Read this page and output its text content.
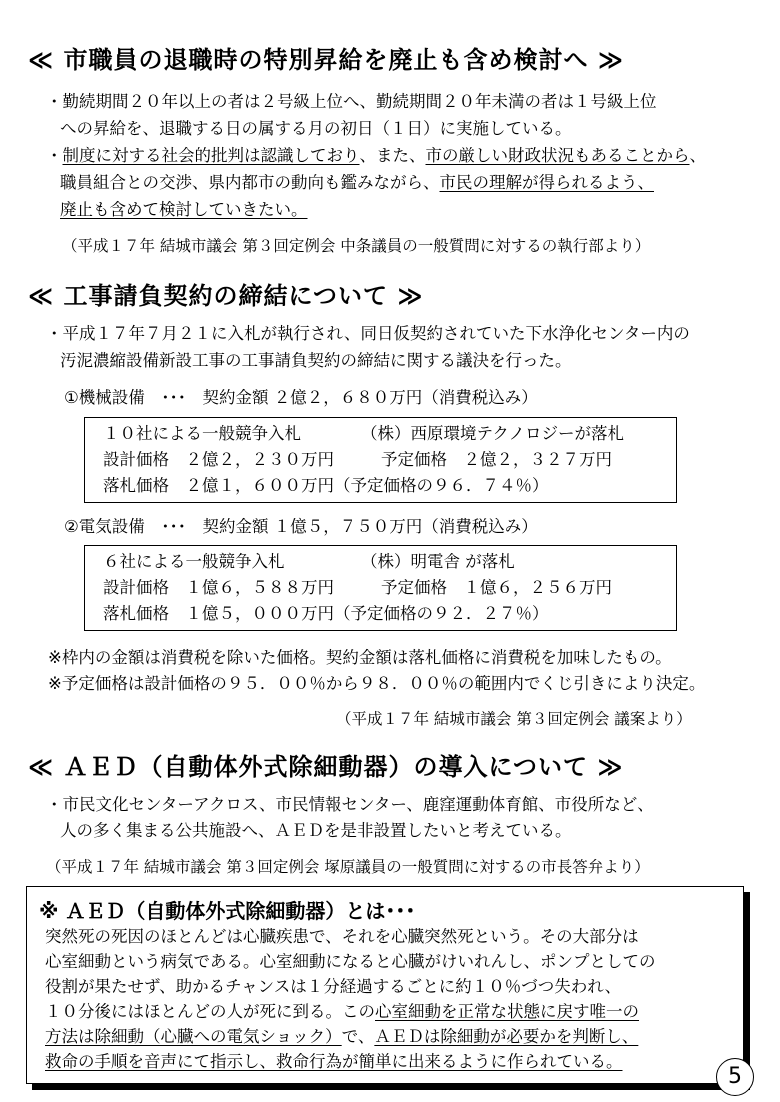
≪ 市職員の退職時の特別昇給を廃止も含め検討へ ≫
・勤続期間２０年以上の者は２号級上位へ、勤続期間２０年未満の者は１号級上位
への昇給を、退職する日の属する月の初日（１日）に実施している。
・制度に対する社会的批判は認識しており、また、市の厳しい財政状況もあることから、
職員組合との交渉、県内都市の動向も鑑みながら、市民の理解が得られるよう、
廃止も含めて検討していきたい。
（平成１７年 結城市議会 第３回定例会 中条議員の一般質問に対するの執行部より）
≪ 工事請負契約の締結について ≫
・平成１７年７月２１に入札が執行され、同日仮契約されていた下水浄化センター内の
汚泥濃縮設備新設工事の工事請負契約の締結に関する議決を行った。
①機械設備　･･･　契約金額 ２億２，６８０万円（消費税込み）
１０社による一般競争入札	（株）西原環境テクノロジーが落札
設計価格　２億２，２３０万円	予定価格　２億２，３２７万円
落札価格　２億１，６００万円（予定価格の９６．７４％）
②電気設備　･･･　契約金額 １億５，７５０万円（消費税込み）
６社による一般競争入札	（株）明電舎 が落札
設計価格　１億６，５８８万円	予定価格　１億６，２５６万円
落札価格　１億５，０００万円（予定価格の９２．２７％）
※枠内の金額は消費税を除いた価格。契約金額は落札価格に消費税を加味したもの。
※予定価格は設計価格の９５．００％から９８．００％の範囲内でくじ引きにより決定。
（平成１７年 結城市議会 第３回定例会 議案より）
≪ ＡＥＤ（自動体外式除細動器）の導入について ≫
・市民文化センターアクロス、市民情報センター、鹿窪運動体育館、市役所など、
人の多く集まる公共施設へ、ＡＥＤを是非設置したいと考えている。
（平成１７年 結城市議会 第３回定例会 塚原議員の一般質問に対するの市長答弁より）
※ ＡＥＤ（自動体外式除細動器）とは･･･
突然死の死因のほとんどは心臓疾患で、それを心臓突然死という。その大部分は
心室細動という病気である。心室細動になると心臓がけいれんし、ポンプとしての
役割が果たせず、助かるチャンスは１分経過するごとに約１０％づつ失われ、
１０分後にはほとんどの人が死に到る。この心室細動を正常な状態に戻す唯一の
方法は除細動（心臓への電気ショック）で、ＡＥＤは除細動が必要かを判断し、
救命の手順を音声にて指示し、救命行為が簡単に出来るように作られている。
5
